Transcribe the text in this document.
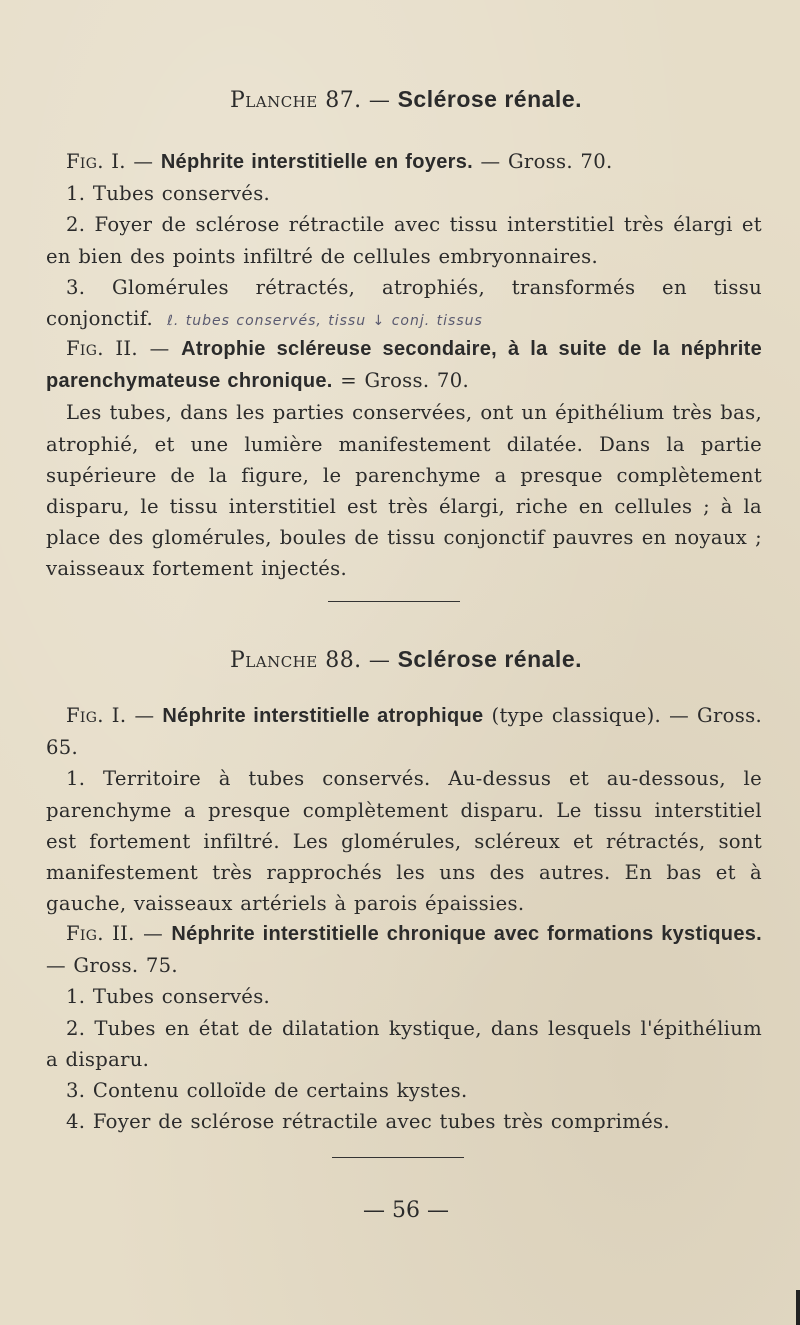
Planche 87. — Sclérose rénale.

Fig. I. — Néphrite interstitielle en foyers. — Gross. 70.

1. Tubes conservés.

2. Foyer de sclérose rétractile avec tissu interstitiel très élargi et en bien des points infiltré de cellules embryonnaires.

3. Glomérules rétractés, atrophiés, transformés en tissu conjonctif. ℓ. tubes conservés, tissu ↓ conj. tissus

Fig. II. — Atrophie scléreuse secondaire, à la suite de la néphrite parenchymateuse chronique. = Gross. 70.

Les tubes, dans les parties conservées, ont un épithélium très bas, atrophié, et une lumière manifestement dilatée. Dans la partie supérieure de la figure, le parenchyme a presque complètement disparu, le tissu interstitiel est très élargi, riche en cellules ; à la place des glomérules, boules de tissu conjonctif pauvres en noyaux ; vaisseaux fortement injectés.

Planche 88. — Sclérose rénale.

Fig. I. — Néphrite interstitielle atrophique (type classique). — Gross. 65.

1. Territoire à tubes conservés. Au-dessus et au-dessous, le parenchyme a presque complètement disparu. Le tissu interstitiel est fortement infiltré. Les glomérules, scléreux et rétractés, sont manifestement très rapprochés les uns des autres. En bas et à gauche, vaisseaux artériels à parois épaissies.

Fig. II. — Néphrite interstitielle chronique avec formations kystiques. — Gross. 75.

1. Tubes conservés.

2. Tubes en état de dilatation kystique, dans lesquels l'épithélium a disparu.

3. Contenu colloïde de certains kystes.

4. Foyer de sclérose rétractile avec tubes très comprimés.

— 56 —
